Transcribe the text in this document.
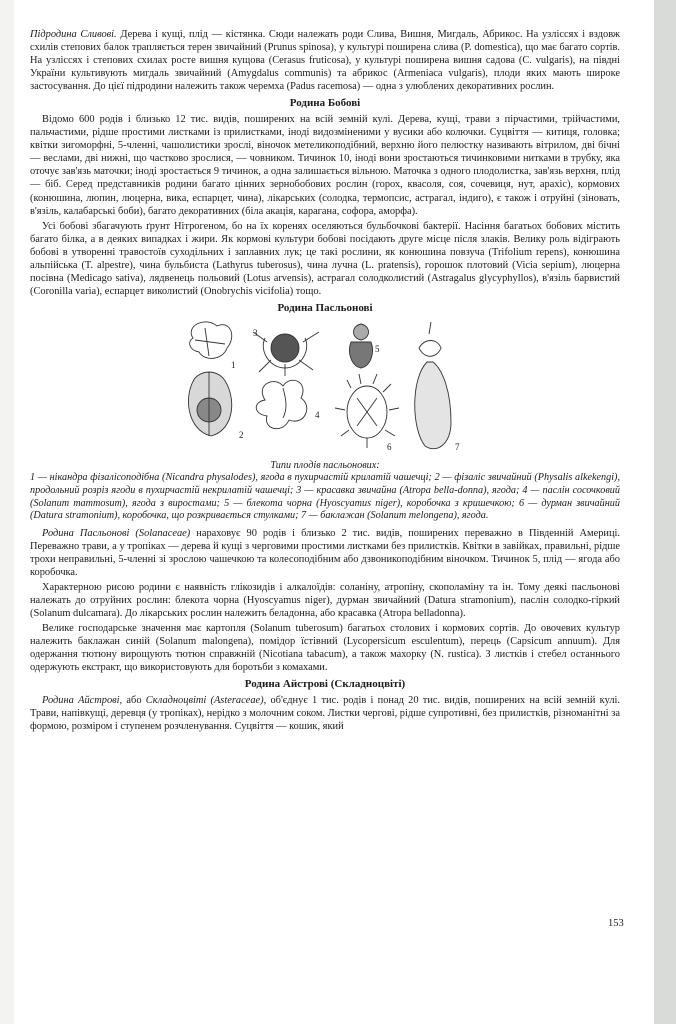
Підродина Сливові. Дерева і кущі, плід — кістянка. Сюди належать роди Слива, Вишня, Мигдаль, Абрикос. На узліссях і вздовж схилів степових балок трапляється терен звичайний (Prunus spinosa), у культурі поширена слива (P. domestica), що має багато сортів. На узліссях і степових схилах росте вишня кущова (Cerasus fruticosa), у культурі поширена вишня садова (C. vulgaris), на півдні України культивують мигдаль звичайний (Amygdalus communis) та абрикос (Armeniaca vulgaris), плоди яких мають широке застосування. До цієї підродини належить також черемха (Padus racemosa) — одна з улюблених декоративних рослин.

Родина Бобові

Відомо 600 родів і близько 12 тис. видів, поширених на всій земній кулі. Дерева, кущі, трави з пірчастими, трійчастими, пальчастими, рідше простими листками із прилистками, іноді видозміненими у вусики або колючки. Суцвіття — китиця, головка; квітки зигоморфні, 5-членні, чашолистики зрослі, віночок метеликоподібний, верхню його пелюстку називають вітрилом, дві бічні — веслами, дві нижні, що частково зрослися, — човником. Тичинок 10, іноді вони зростаються тичинковими нитками в трубку, яка оточує зав'язь маточки; іноді зростається 9 тичинок, а одна залишається вільною. Маточка з одного плодолистка, зав'язь верхня, плід — біб. Серед представників родини багато цінних зернобобових рослин (горох, квасоля, соя, сочевиця, нут, арахіс), кормових (конюшина, люпин, люцерна, вика, еспарцет, чина), лікарських (солодка, термопсис, астрагал, індиго), є також і отруйні (зіновать, в'язіль, калабарські боби), багато декоративних (біла акація, карагана, софора, аморфа).

Усі бобові збагачують ґрунт Нітрогеном, бо на їх коренях оселяються бульбочкові бактерії. Насіння багатьох бобових містить багато білка, а в деяких випадках і жири. Як кормові культури бобові посідають друге місце після злаків. Велику роль відіграють бобові в утворенні травостоїв суходільних і заплавних лук; це такі рослини, як конюшина повзуча (Trifolium repens), конюшина альпійська (T. alpestre), чина бульбиста (Lathyrus tuberosus), чина лучна (L. pratensis), горошок плотовий (Vicia sepium), люцерна посівна (Medicago sativa), лядвенець польовий (Lotus arvensis), астрагал солодколистий (Astragalus glycyphyllos), в'язіль барвистий (Coronilla varia), еспарцет виколистий (Onobrychis vicifolia) тощо.

Родина Пасльонові
1
2
3
4
5
6	7
Типи плодів пасльонових:
1 — нікандра фізалісоподібна (Nicandra physalodes), ягода в пухирчастій крилатій чашечці; 2 — фізаліс звичайний (Physalis alkekengi), продольний розріз ягоди в пухирчастій некрилатій чашечці; 3 — красавка звичайна (Atropa bella-donna), ягода; 4 — паслін сосочковий (Solanum mammosum), ягода з виростами; 5 — блекота чорна (Hyoscyamus niger), коробочка з кришечкою; 6 — дурман звичайний (Datura stramonium), коробочка, що розкривається стулками; 7 — баклажан (Solanum melongena), ягода.

Родина Пасльонові (Solanaceae) нараховує 90 родів і близько 2 тис. видів, поширених переважно в Південній Америці. Переважно трави, а у тропіках — дерева й кущі з черговими простими листками без прилистків. Квітки в завійках, правильні, рідше трохи неправильні, 5-членні зі зрослою чашечкою та колесоподібним або дзвоникоподібним віночком. Тичинок 5, плід — ягода або коробочка.

Характерною рисою родини є наявність глікозидів і алкалоїдів: соланіну, атропіну, скополаміну та ін. Тому деякі пасльонові належать до отруйних рослин: блекота чорна (Hyoscyamus niger), дурман звичайний (Datura stramonium), паслін солодко-гіркий (Solanum dulcamara). До лікарських рослин належить беладонна, або красавка (Atropa belladonna).

Велике господарське значення має картопля (Solanum tuberosum) багатьох столових і кормових сортів. До овочевих культур належить баклажан синій (Solanum malongena), помідор їстівний (Lycopersicum esculentum), перець (Capsicum annuum). Для одержання тютюну вирощують тютюн справжній (Nicotiana tabacum), а також махорку (N. rustica). З листків і стебел останнього одержують екстракт, що використовують для боротьби з комахами.

Родина Айстрові (Складноцвіті)

Родина Айстрові, або Складноцвіті (Asteraceae), об'єднує 1 тис. родів і понад 20 тис. видів, поширених на всій земній кулі. Трави, напівкущі, деревця (у тропіках), нерідко з молочним соком. Листки чергові, рідше супротивні, без прилистків, різноманітні за формою, розміром і ступенем розчленування. Суцвіття — кошик, який

153
